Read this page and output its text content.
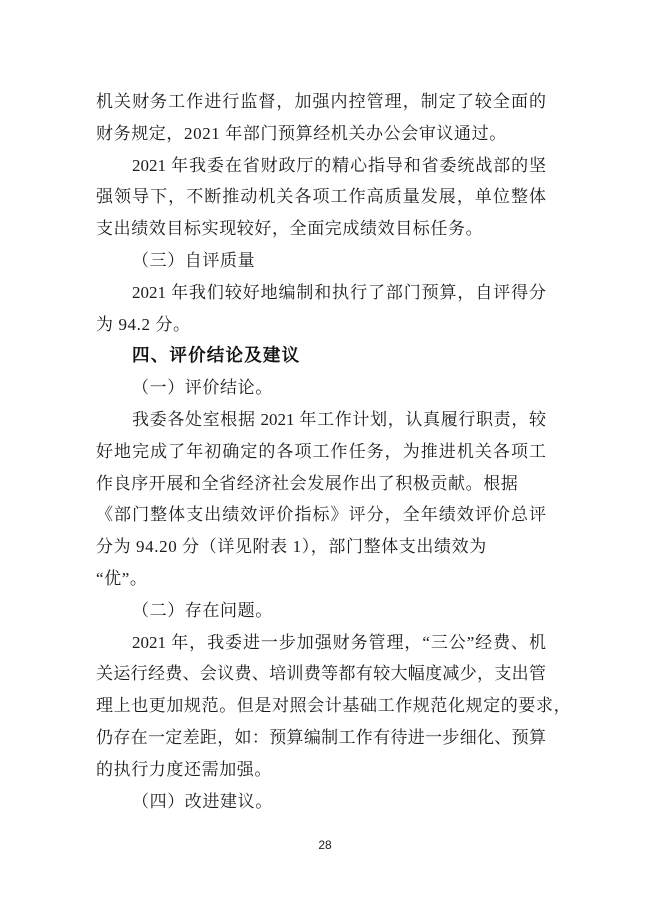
机关财务工作进行监督，加强内控管理，制定了较全面的
财务规定，2021 年部门预算经机关办公会审议通过。
2021 年我委在省财政厅的精心指导和省委统战部的坚
强领导下，不断推动机关各项工作高质量发展，单位整体
支出绩效目标实现较好，全面完成绩效目标任务。
（三）自评质量
2021 年我们较好地编制和执行了部门预算，自评得分
为 94.2 分。
四、评价结论及建议
（一）评价结论。
我委各处室根据 2021 年工作计划，认真履行职责，较
好地完成了年初确定的各项工作任务，为推进机关各项工
作良序开展和全省经济社会发展作出了积极贡献。根据
《部门整体支出绩效评价指标》评分，全年绩效评价总评
分为 94.20 分（详见附表 1），部门整体支出绩效为
“优”。
（二）存在问题。
2021 年，我委进一步加强财务管理，“三公”经费、机
关运行经费、会议费、培训费等都有较大幅度减少，支出管
理上也更加规范。但是对照会计基础工作规范化规定的要求，
仍存在一定差距，如：预算编制工作有待进一步细化、预算
的执行力度还需加强。
（四）改进建议。
28
